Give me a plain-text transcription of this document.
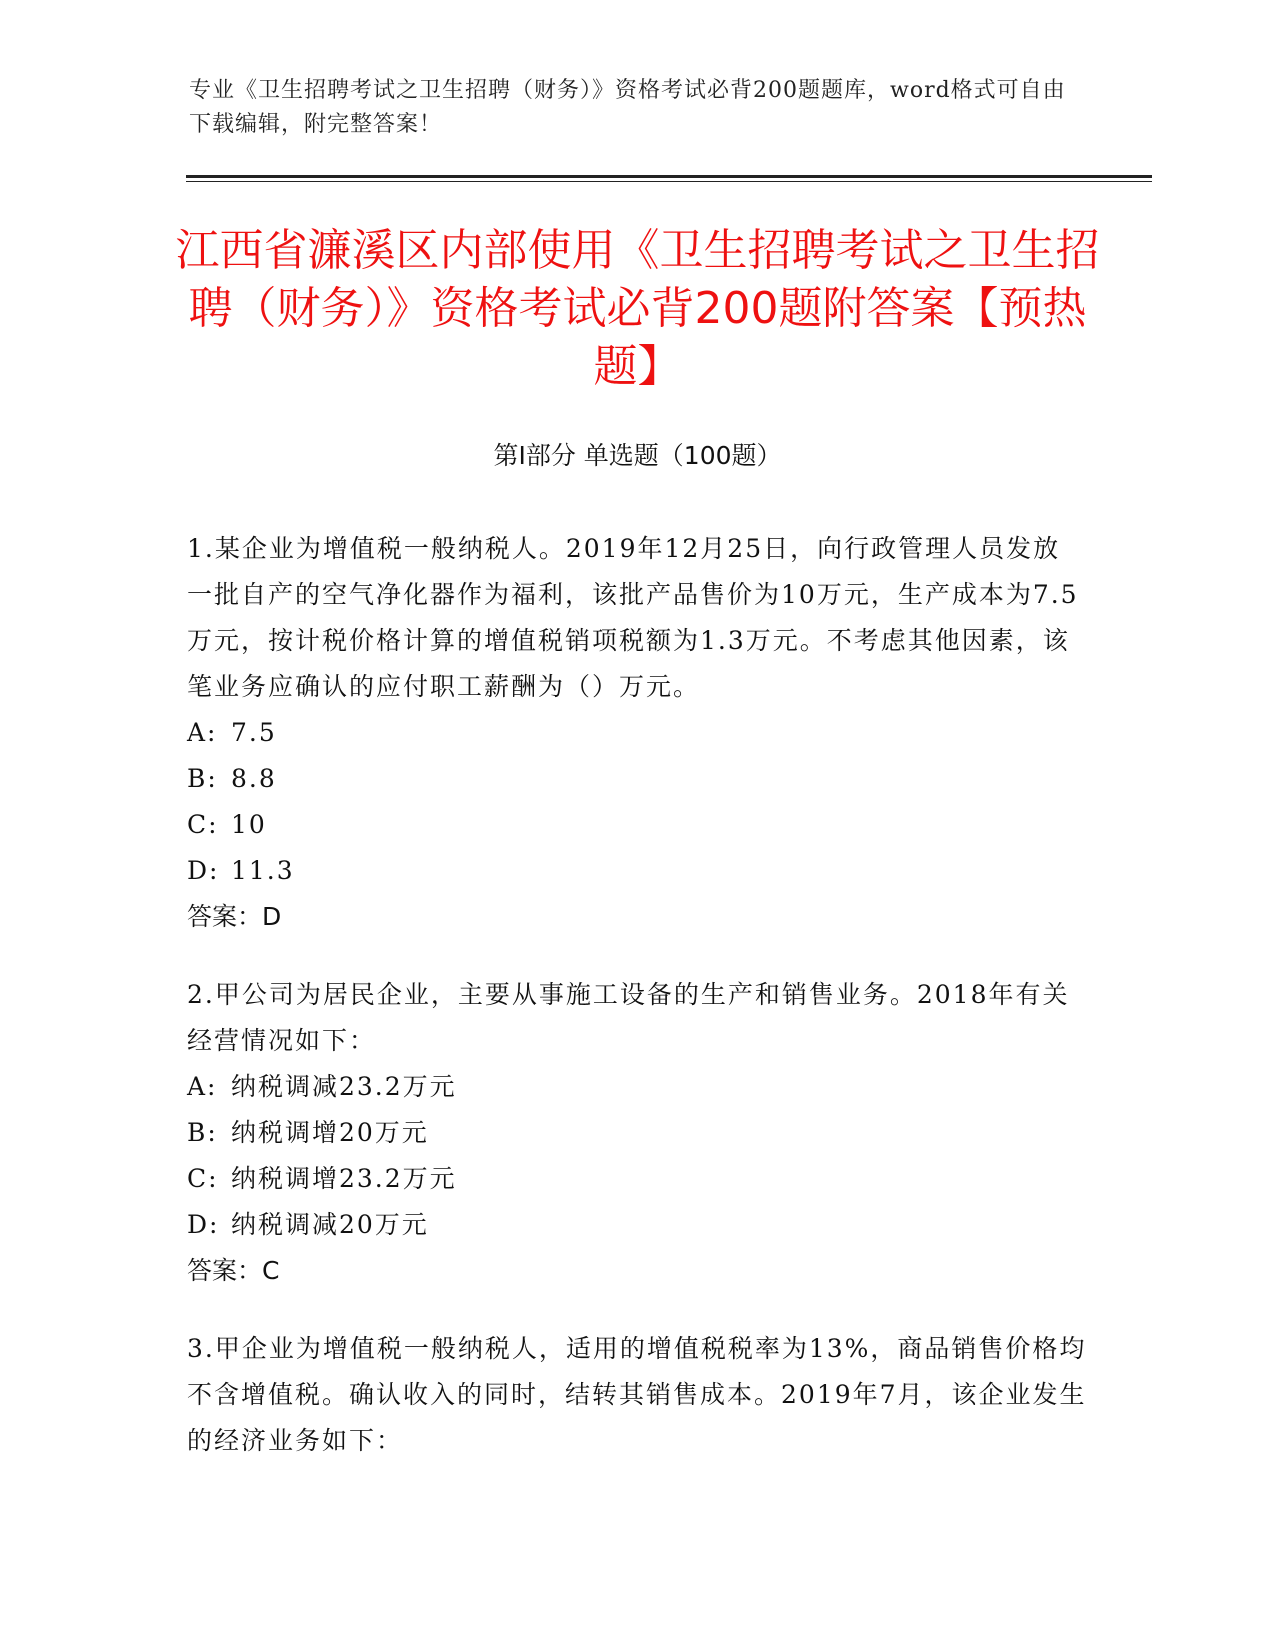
专业《卫生招聘考试之卫生招聘（财务）》资格考试必背200题题库，word格式可自由下载编辑，附完整答案！
江西省濂溪区内部使用《卫生招聘考试之卫生招聘（财务）》资格考试必背200题附答案【预热题】
第Ⅰ部分 单选题（100题）
1.某企业为增值税一般纳税人。2019年12月25日，向行政管理人员发放一批自产的空气净化器作为福利，该批产品售价为10万元，生产成本为7.5万元，按计税价格计算的增值税销项税额为1.3万元。不考虑其他因素，该笔业务应确认的应付职工薪酬为（）万元。
A: 7.5
B: 8.8
C: 10
D: 11.3
答案：D
2.甲公司为居民企业，主要从事施工设备的生产和销售业务。2018年有关经营情况如下：
A: 纳税调减23.2万元
B: 纳税调增20万元
C: 纳税调增23.2万元
D: 纳税调减20万元
答案：C
3.甲企业为增值税一般纳税人，适用的增值税税率为13%，商品销售价格均不含增值税。确认收入的同时，结转其销售成本。2019年7月，该企业发生的经济业务如下：
